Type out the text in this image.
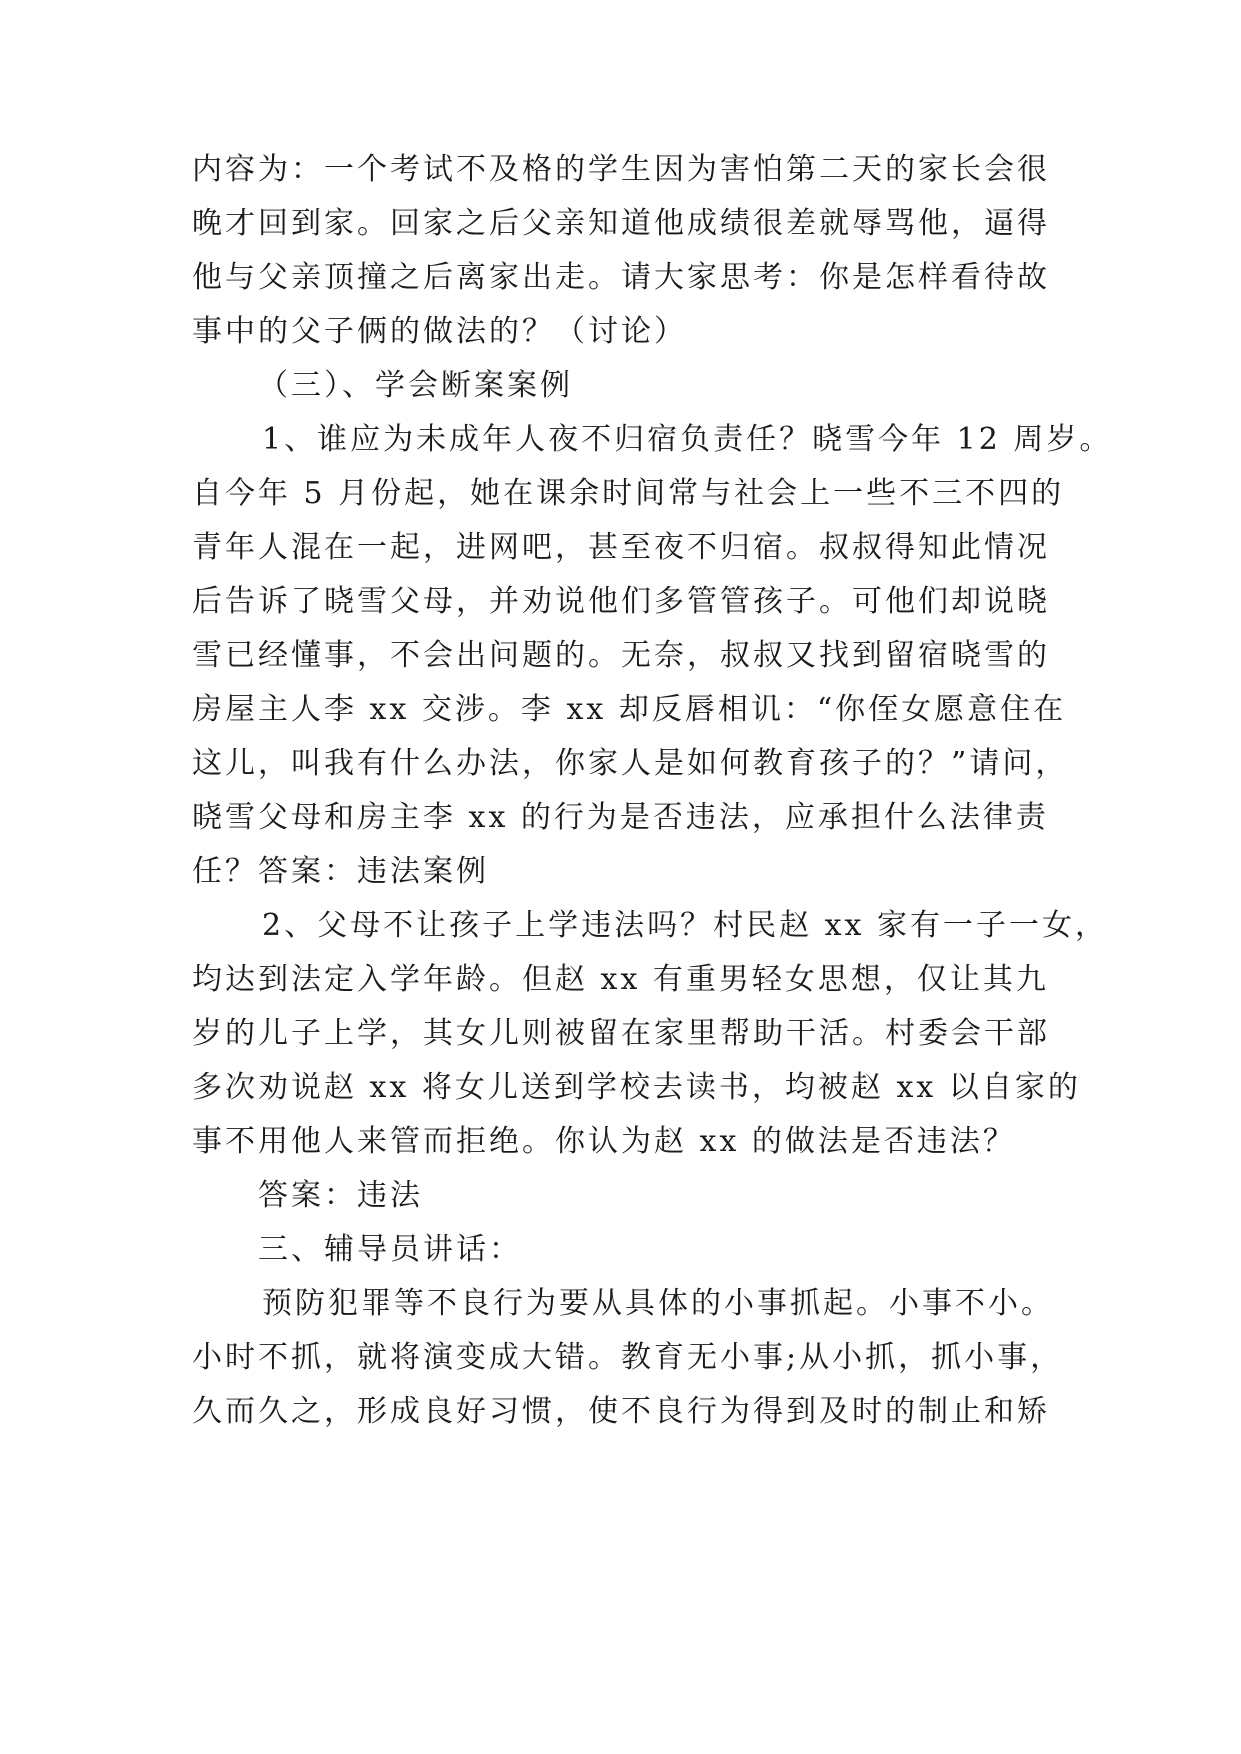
内容为：一个考试不及格的学生因为害怕第二天的家长会很
晚才回到家。回家之后父亲知道他成绩很差就辱骂他，逼得
他与父亲顶撞之后离家出走。请大家思考：你是怎样看待故
事中的父子俩的做法的？（讨论）
（三）、学会断案案例
1、谁应为未成年人夜不归宿负责任？晓雪今年 12 周岁。
自今年 5 月份起，她在课余时间常与社会上一些不三不四的
青年人混在一起，进网吧，甚至夜不归宿。叔叔得知此情况
后告诉了晓雪父母，并劝说他们多管管孩子。可他们却说晓
雪已经懂事，不会出问题的。无奈，叔叔又找到留宿晓雪的
房屋主人李 xx 交涉。李 xx 却反唇相讥：“你侄女愿意住在
这儿，叫我有什么办法，你家人是如何教育孩子的？”请问，
晓雪父母和房主李 xx 的行为是否违法，应承担什么法律责
任？答案：违法案例
2、父母不让孩子上学违法吗？村民赵 xx 家有一子一女，
均达到法定入学年龄。但赵 xx 有重男轻女思想，仅让其九
岁的儿子上学，其女儿则被留在家里帮助干活。村委会干部
多次劝说赵 xx 将女儿送到学校去读书，均被赵 xx 以自家的
事不用他人来管而拒绝。你认为赵 xx 的做法是否违法？
答案：违法
三、辅导员讲话：
预防犯罪等不良行为要从具体的小事抓起。小事不小。
小时不抓，就将演变成大错。教育无小事;从小抓，抓小事，
久而久之，形成良好习惯，使不良行为得到及时的制止和矫
